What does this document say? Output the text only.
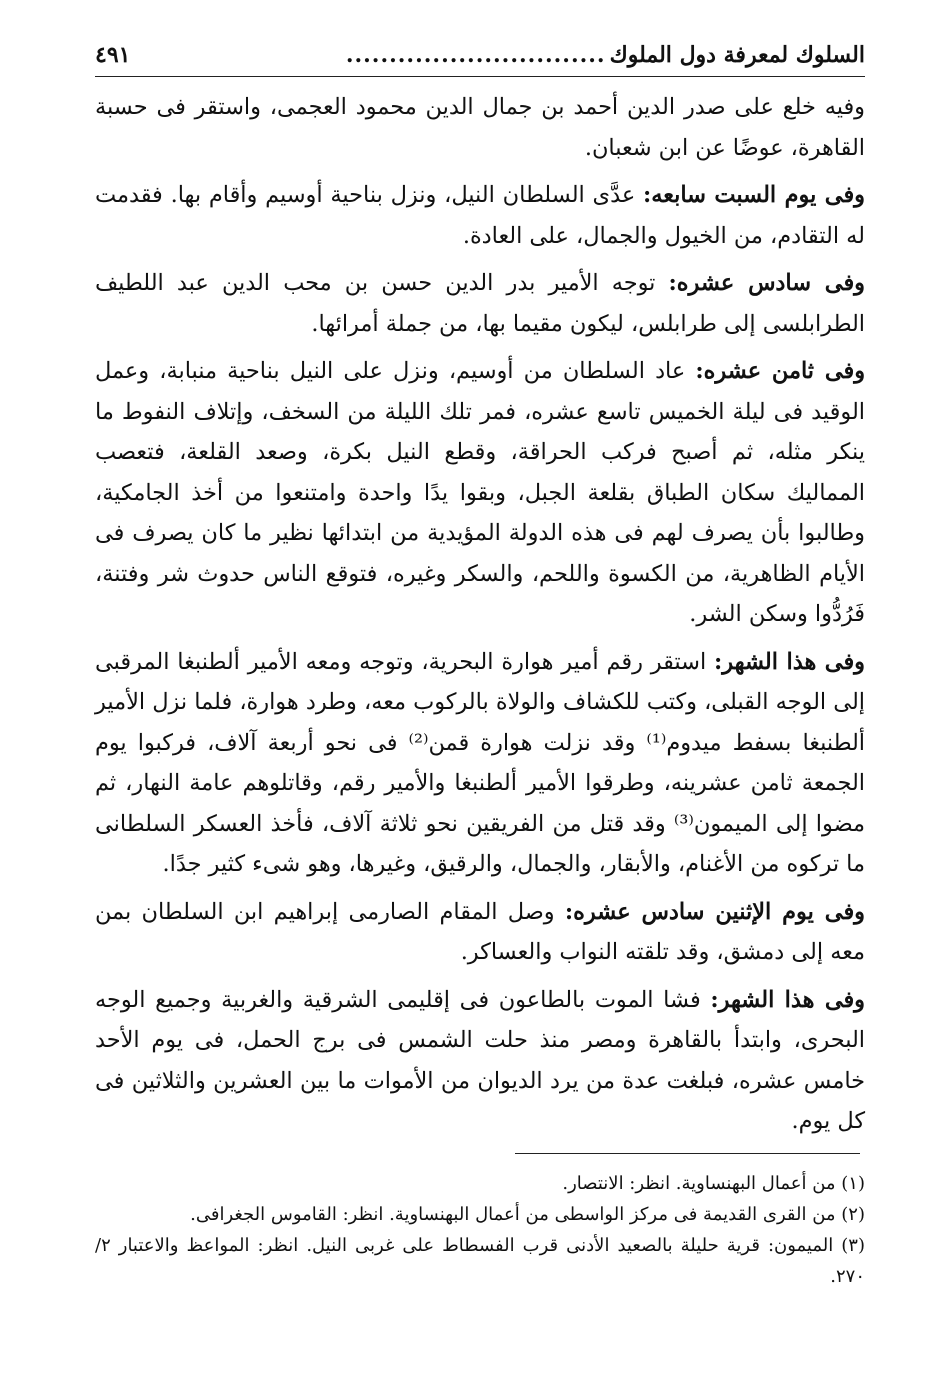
السلوك لمعرفة دول الملوك
..............................
٤٩١

وفيه خلع على صدر الدين أحمد بن جمال الدين محمود العجمى، واستقر فى حسبة القاهرة، عوضًا عن ابن شعبان.

وفى يوم السبت سابعه: عدَّى السلطان النيل، ونزل بناحية أوسيم وأقام بها. فقدمت له التقادم، من الخيول والجمال، على العادة.

وفى سادس عشره: توجه الأمير بدر الدين حسن بن محب الدين عبد اللطيف الطرابلسى إلى طرابلس، ليكون مقيما بها، من جملة أمرائها.

وفى ثامن عشره: عاد السلطان من أوسيم، ونزل على النيل بناحية منبابة، وعمل الوقيد فى ليلة الخميس تاسع عشره، فمر تلك الليلة من السخف، وإتلاف النفوط ما ينكر مثله، ثم أصبح فركب الحراقة، وقطع النيل بكرة، وصعد القلعة، فتعصب المماليك سكان الطباق بقلعة الجبل، وبقوا يدًا واحدة وامتنعوا من أخذ الجامكية، وطالبوا بأن يصرف لهم فى هذه الدولة المؤيدية من ابتدائها نظير ما كان يصرف فى الأيام الظاهرية، من الكسوة واللحم، والسكر وغيره، فتوقع الناس حدوث شر وفتنة، فَرُدُّوا وسكن الشر.

وفى هذا الشهر: استقر رقم أمير هوارة البحرية، وتوجه ومعه الأمير ألطنبغا المرقبى إلى الوجه القبلى، وكتب للكشاف والولاة بالركوب معه، وطرد هوارة، فلما نزل الأمير ألطنبغا بسفط ميدوم⁽¹⁾ وقد نزلت هوارة قمن⁽²⁾ فى نحو أربعة آلاف، فركبوا يوم الجمعة ثامن عشرينه، وطرقوا الأمير ألطنبغا والأمير رقم، وقاتلوهم عامة النهار، ثم مضوا إلى الميمون⁽³⁾ وقد قتل من الفريقين نحو ثلاثة آلاف، فأخذ العسكر السلطانى ما تركوه من الأغنام، والأبقار، والجمال، والرقيق، وغيرها، وهو شىء كثير جدًا.

وفى يوم الإثنين سادس عشره: وصل المقام الصارمى إبراهيم ابن السلطان بمن معه إلى دمشق، وقد تلقته النواب والعساكر.

وفى هذا الشهر: فشا الموت بالطاعون فى إقليمى الشرقية والغربية وجميع الوجه البحرى، وابتدأ بالقاهرة ومصر منذ حلت الشمس فى برج الحمل، فى يوم الأحد خامس عشره، فبلغت عدة من يرد الديوان من الأموات ما بين العشرين والثلاثين فى كل يوم.

(١) من أعمال البهنساوية. انظر: الانتصار.

(٢) من القرى القديمة فى مركز الواسطى من أعمال البهنساوية. انظر: القاموس الجغرافى.

(٣) الميمون: قرية حليلة بالصعيد الأدنى قرب الفسطاط على غربى النيل. انظر: المواعظ والاعتبار ٢/ ٢٧٠.
